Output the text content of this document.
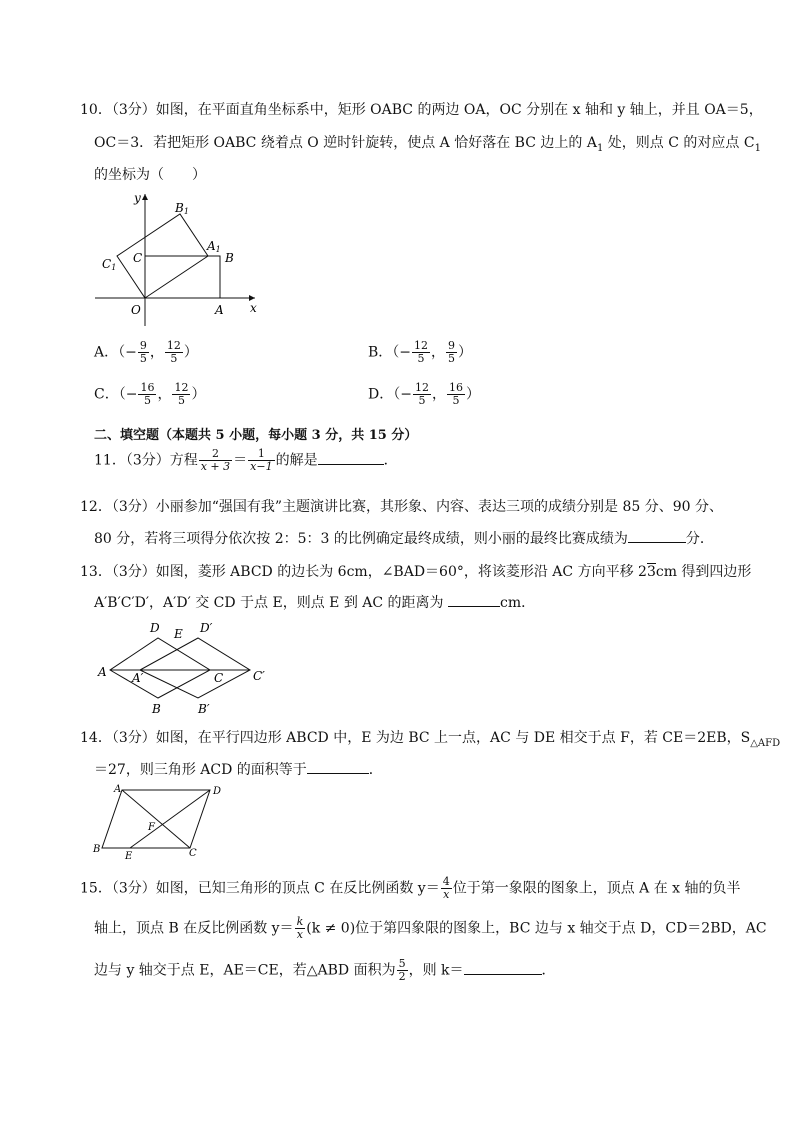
10．（3分）如图，在平面直角坐标系中，矩形 OABC 的两边 OA，OC 分别在 x 轴和 y 轴上，并且 OA＝5，
OC＝3．若把矩形 OABC 绕着点 O 逆时针旋转，使点 A 恰好落在 BC 边上的 $A_1$ 处，则点 C 的对应点 $C_1$
的坐标为（　　）
y
x
O	A
B
C
A1
B1
C1
A．（− $\frac{9}{5}$ ， $\frac{12}{5}$ ）	B．（− $\frac{12}{5}$ ， $\frac{9}{5}$ ）
C．（− $\frac{16}{5}$ ， $\frac{12}{5}$ ）	D．（− $\frac{12}{5}$ ， $\frac{16}{5}$ ）
二、填空题（本题共 5 小题，每小题 3 分，共 15 分）
11．（3分）方程 $\frac{2}{x + 3} = \frac{1}{x-1}$ 的解是	．
12．（3分）小丽参加“强国有我”主题演讲比赛，其形象、内容、表达三项的成绩分别是 85 分、90 分、
80 分，若将三项得分依次按 2：5：3 的比例确定最终成绩，则小丽的最终比赛成绩为	分．
13．（3分）如图，菱形 ABCD 的边长为 6cm，∠BAD＝60°，将该菱形沿 AC 方向平移 23cm 得到四边形
A′B′C′D′，A′D′ 交 CD 于点 E，则点 E 到 AC 的距离为	cm．
D E D′
A A′	C C′
B	B′
14．（3分）如图，在平行四边形 ABCD 中，E 为边 BC 上一点，AC 与 DE 相交于点 F，若 CE＝2EB，$S_{\triangle AFD}$
＝27，则三角形 ACD 的面积等于	．
A	D
F
B
E	C
15．（3分）如图，已知三角形的顶点 C 在反比例函数 $y= \frac{4}{x}$ 位于第一象限的图象上，顶点 A 在 x 轴的负半
轴上，顶点 B 在反比例函数 $y= \frac{k}{x} (k \ne 0)$位于第四象限的图象上，BC 边与 x 轴交于点 D，CD＝2BD，AC
边与 y 轴交于点 E，AE＝CE，若△ABD 面积为 $\frac{5}{2}$ ，则 k＝	．
